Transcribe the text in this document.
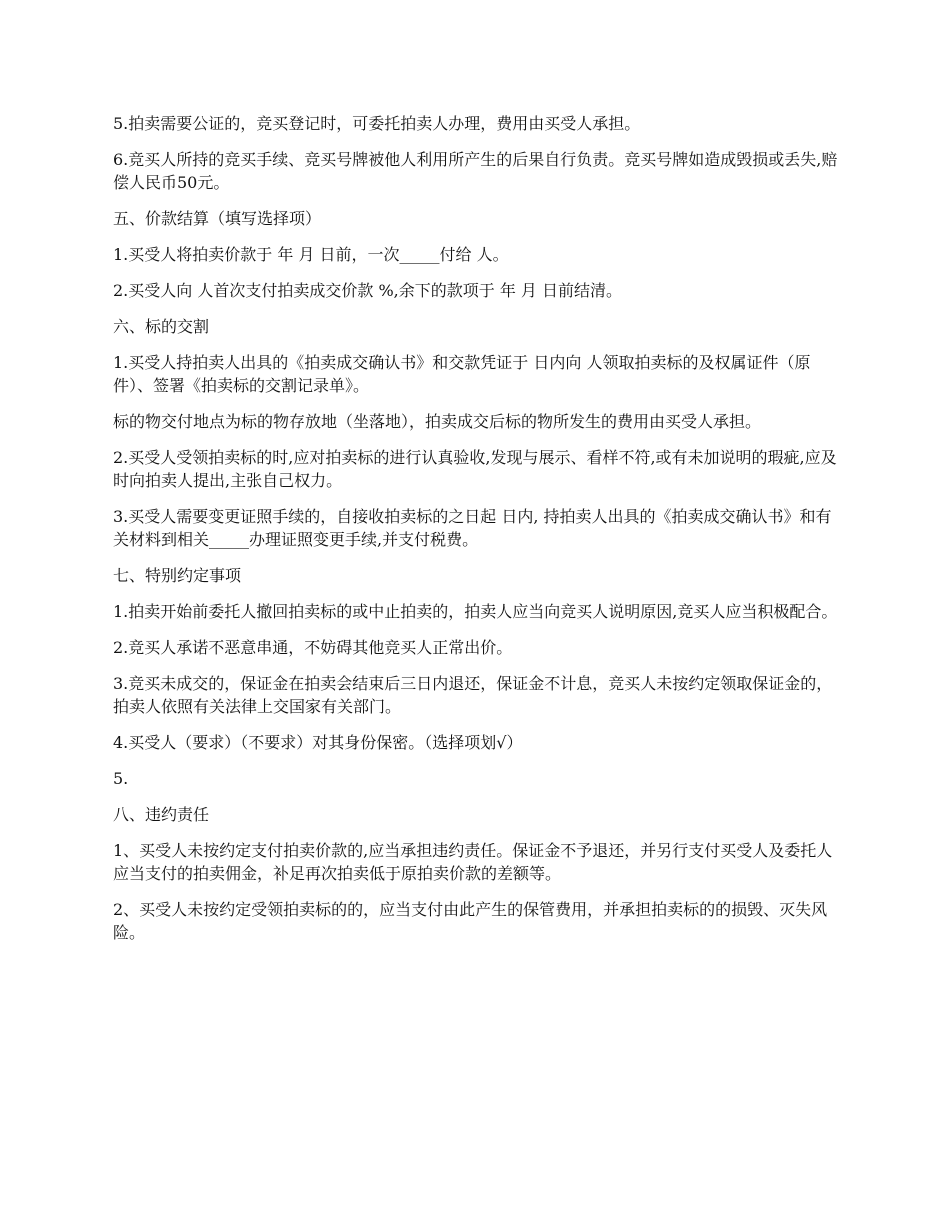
5.拍卖需要公证的，竞买登记时，可委托拍卖人办理，费用由买受人承担。

6.竞买人所持的竞买手续、竞买号牌被他人利用所产生的后果自行负责。竞买号牌如造成毁损或丢失,赔偿人民币50元。

五、价款结算（填写选择项）

1.买受人将拍卖价款于 年 月 日前，一次_____付给 人。

2.买受人向 人首次支付拍卖成交价款 %,余下的款项于 年 月 日前结清。

六、标的交割

1.买受人持拍卖人出具的《拍卖成交确认书》和交款凭证于 日内向 人领取拍卖标的及权属证件（原件）、签署《拍卖标的交割记录单》。

标的物交付地点为标的物存放地（坐落地），拍卖成交后标的物所发生的费用由买受人承担。

2.买受人受领拍卖标的时,应对拍卖标的进行认真验收,发现与展示、看样不符,或有未加说明的瑕疵,应及时向拍卖人提出,主张自己权力。

3.买受人需要变更证照手续的，自接收拍卖标的之日起 日内, 持拍卖人出具的《拍卖成交确认书》和有关材料到相关_____办理证照变更手续,并支付税费。

七、特别约定事项

1.拍卖开始前委托人撤回拍卖标的或中止拍卖的，拍卖人应当向竞买人说明原因,竞买人应当积极配合。

2.竞买人承诺不恶意串通，不妨碍其他竞买人正常出价。

3.竞买未成交的，保证金在拍卖会结束后三日内退还，保证金不计息，竞买人未按约定领取保证金的，拍卖人依照有关法律上交国家有关部门。

4.买受人（要求）（不要求）对其身份保密。（选择项划√）

5.

八、违约责任

1、买受人未按约定支付拍卖价款的,应当承担违约责任。保证金不予退还，并另行支付买受人及委托人应当支付的拍卖佣金，补足再次拍卖低于原拍卖价款的差额等。

2、买受人未按约定受领拍卖标的的，应当支付由此产生的保管费用，并承担拍卖标的的损毁、灭失风险。
